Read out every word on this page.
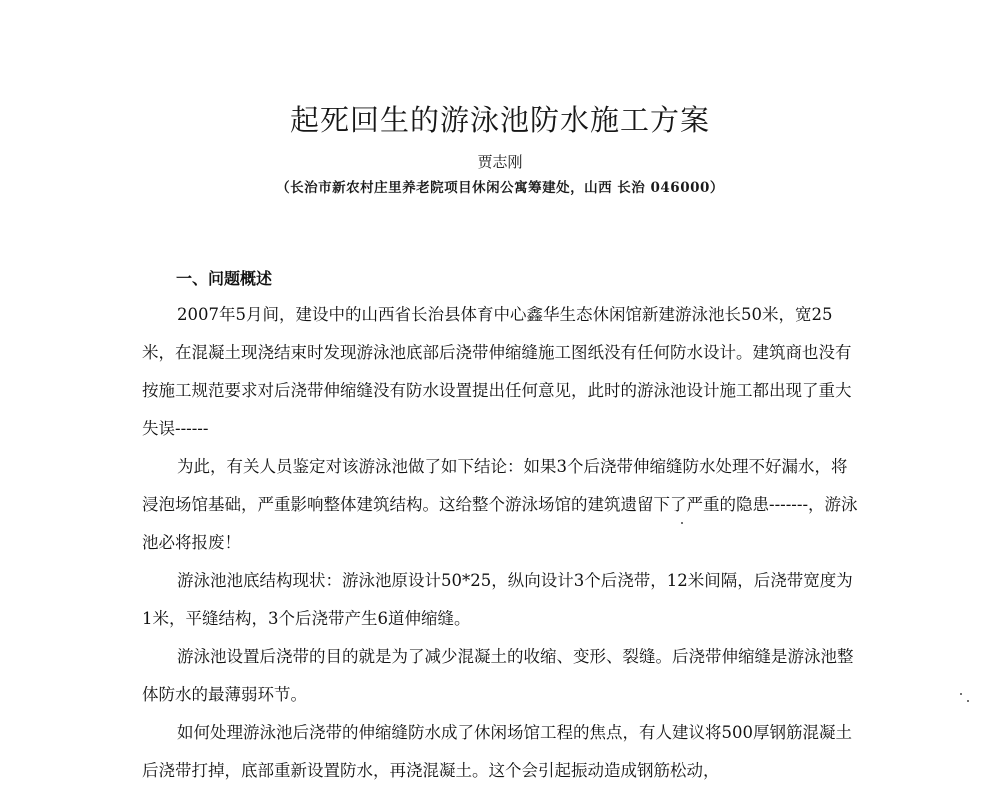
起死回生的游泳池防水施工方案
贾志刚
（长治市新农村庄里养老院项目休闲公寓筹建处，山西 长治 046000）
一、问题概述

2007年5月间，建设中的山西省长治县体育中心鑫华生态休闲馆新建游泳池长50米，宽25米，在混凝土现浇结束时发现游泳池底部后浇带伸缩缝施工图纸没有任何防水设计。建筑商也没有按施工规范要求对后浇带伸缩缝没有防水设置提出任何意见，此时的游泳池设计施工都出现了重大失误------

为此，有关人员鉴定对该游泳池做了如下结论：如果3个后浇带伸缩缝防水处理不好漏水，将浸泡场馆基础，严重影响整体建筑结构。这给整个游泳场馆的建筑遗留下了严重的隐患-------，游泳池必将报废！

游泳池池底结构现状：游泳池原设计50*25，纵向设计3个后浇带，12米间隔，后浇带宽度为1米，平缝结构，3个后浇带产生6道伸缩缝。

游泳池设置后浇带的目的就是为了减少混凝土的收缩、变形、裂缝。后浇带伸缩缝是游泳池整体防水的最薄弱环节。

如何处理游泳池后浇带的伸缩缝防水成了休闲场馆工程的焦点，有人建议将500厚钢筋混凝土后浇带打掉，底部重新设置防水，再浇混凝土。这个会引起振动造成钢筋松动，
